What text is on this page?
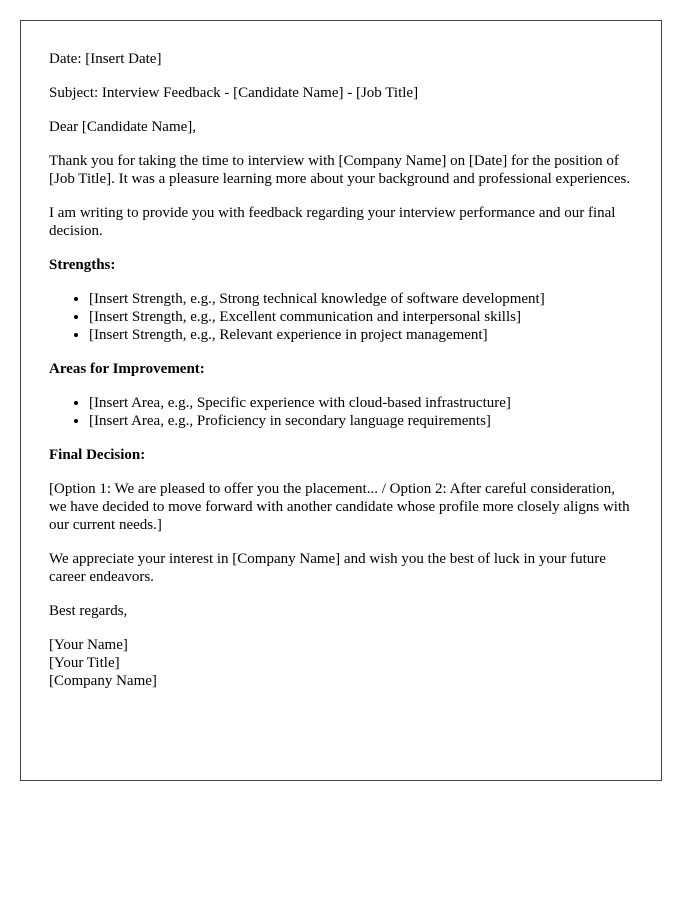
Date: [Insert Date]

Subject: Interview Feedback - [Candidate Name] - [Job Title]

Dear [Candidate Name],

Thank you for taking the time to interview with [Company Name] on [Date] for the position of [Job Title]. It was a pleasure learning more about your background and professional experiences.

I am writing to provide you with feedback regarding your interview performance and our final decision.

Strengths:
• [Insert Strength, e.g., Strong technical knowledge of software development]
• [Insert Strength, e.g., Excellent communication and interpersonal skills]
• [Insert Strength, e.g., Relevant experience in project management]
Areas for Improvement:
• [Insert Area, e.g., Specific experience with cloud-based infrastructure]
• [Insert Area, e.g., Proficiency in secondary language requirements]
Final Decision:

[Option 1: We are pleased to offer you the placement... / Option 2: After careful consideration, we have decided to move forward with another candidate whose profile more closely aligns with our current needs.]

We appreciate your interest in [Company Name] and wish you the best of luck in your future career endeavors.

Best regards,

[Your Name]
[Your Title]
[Company Name]
